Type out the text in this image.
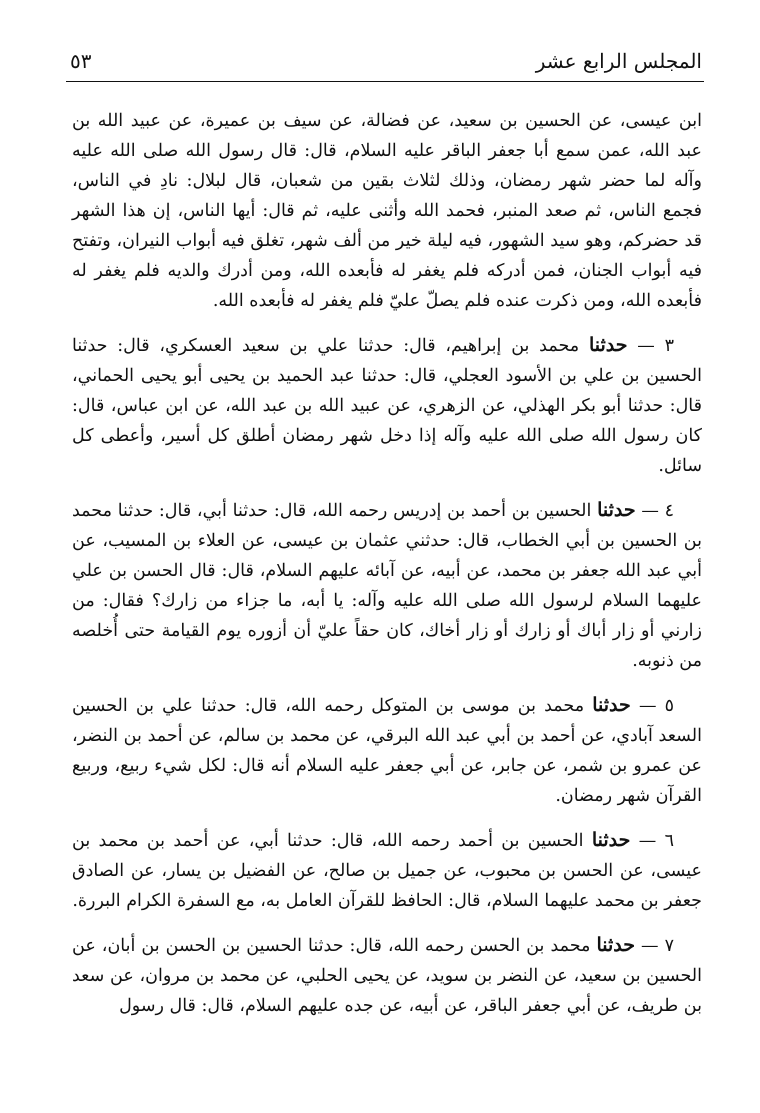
المجلس الرابع عشر
٥٣

ابن عيسى، عن الحسين بن سعيد، عن فضالة، عن سيف بن عميرة، عن عبيد الله بن عبد الله، عمن سمع أبا جعفر الباقر عليه السلام، قال: قال رسول الله صلى الله عليه وآله لما حضر شهر رمضان، وذلك لثلاث بقين من شعبان، قال لبلال: نادِ في الناس، فجمع الناس، ثم صعد المنبر، فحمد الله وأثنى عليه، ثم قال: أيها الناس، إن هذا الشهر قد حضركم، وهو سيد الشهور، فيه ليلة خير من ألف شهر، تغلق فيه أبواب النيران، وتفتح فيه أبواب الجنان، فمن أدركه فلم يغفر له فأبعده الله، ومن أدرك والديه فلم يغفر له فأبعده الله، ومن ذكرت عنده فلم يصلّ عليّ فلم يغفر له فأبعده الله.

٣ — حدثنا محمد بن إبراهيم، قال: حدثنا علي بن سعيد العسكري، قال: حدثنا الحسين بن علي بن الأسود العجلي، قال: حدثنا عبد الحميد بن يحيى أبو يحيى الحماني، قال: حدثنا أبو بكر الهذلي، عن الزهري، عن عبيد الله بن عبد الله، عن ابن عباس، قال: كان رسول الله صلى الله عليه وآله إذا دخل شهر رمضان أطلق كل أسير، وأعطى كل سائل.

٤ — حدثنا الحسين بن أحمد بن إدريس رحمه الله، قال: حدثنا أبي، قال: حدثنا محمد بن الحسين بن أبي الخطاب، قال: حدثني عثمان بن عيسى، عن العلاء بن المسيب، عن أبي عبد الله جعفر بن محمد، عن أبيه، عن آبائه عليهم السلام، قال: قال الحسن بن علي عليهما السلام لرسول الله صلى الله عليه وآله: يا أبه، ما جزاء من زارك؟ فقال: من زارني أو زار أباك أو زارك أو زار أخاك، كان حقاً عليّ أن أزوره يوم القيامة حتى أُخلصه من ذنوبه.

٥ — حدثنا محمد بن موسى بن المتوكل رحمه الله، قال: حدثنا علي بن الحسين السعد آبادي، عن أحمد بن أبي عبد الله البرقي، عن محمد بن سالم، عن أحمد بن النضر، عن عمرو بن شمر، عن جابر، عن أبي جعفر عليه السلام أنه قال: لكل شيء ربيع، وربيع القرآن شهر رمضان.

٦ — حدثنا الحسين بن أحمد رحمه الله، قال: حدثنا أبي، عن أحمد بن محمد بن عيسى، عن الحسن بن محبوب، عن جميل بن صالح، عن الفضيل بن يسار، عن الصادق جعفر بن محمد عليهما السلام، قال: الحافظ للقرآن العامل به، مع السفرة الكرام البررة.

٧ — حدثنا محمد بن الحسن رحمه الله، قال: حدثنا الحسين بن الحسن بن أبان، عن الحسين بن سعيد، عن النضر بن سويد، عن يحيى الحلبي، عن محمد بن مروان، عن سعد بن طريف، عن أبي جعفر الباقر، عن أبيه، عن جده عليهم السلام، قال: قال رسول
